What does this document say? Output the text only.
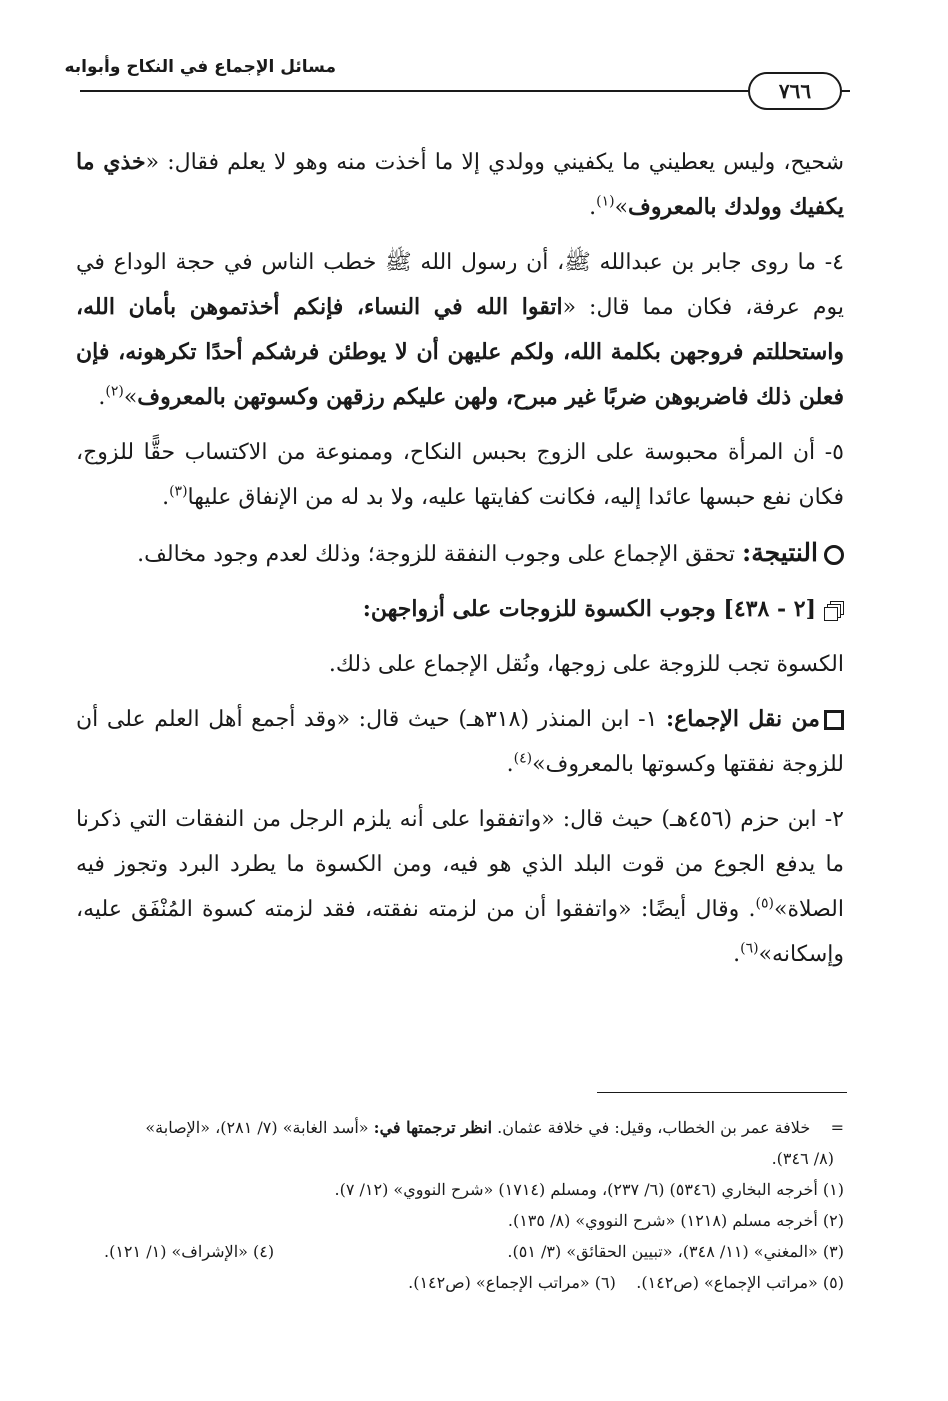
مسائل الإجماع في النكاح وأبوابه
٧٦٦

شحيح، وليس يعطيني ما يكفيني وولدي إلا ما أخذت منه وهو لا يعلم فقال: «خذي ما يكفيك وولدك بالمعروف»$^{(١)}$.

٤- ما روى جابر بن عبدالله ﷺ، أن رسول الله ﷺ خطب الناس في حجة الوداع في يوم عرفة، فكان مما قال: «اتقوا الله في النساء، فإنكم أخذتموهن بأمان الله، واستحللتم فروجهن بكلمة الله، ولكم عليهن أن لا يوطئن فرشكم أحدًا تكرهونه، فإن فعلن ذلك فاضربوهن ضربًا غير مبرح، ولهن عليكم رزقهن وكسوتهن بالمعروف»$^{(٢)}$.

٥- أن المرأة محبوسة على الزوج بحبس النكاح، وممنوعة من الاكتساب حقًّا للزوج، فكان نفع حبسها عائدا إليه، فكانت كفايتها عليه، ولا بد له من الإنفاق عليها$^{(٣)}$.

النتيجة: تحقق الإجماع على وجوب النفقة للزوجة؛ وذلك لعدم وجود مخالف.

[٢ - ٤٣٨] وجوب الكسوة للزوجات على أزواجهن:

الكسوة تجب للزوجة على زوجها، ونُقل الإجماع على ذلك.

من نقل الإجماع: ١- ابن المنذر (٣١٨هـ) حيث قال: «وقد أجمع أهل العلم على أن للزوجة نفقتها وكسوتها بالمعروف»$^{(٤)}$.

٢- ابن حزم (٤٥٦هـ) حيث قال: «واتفقوا على أنه يلزم الرجل من النفقات التي ذكرنا ما يدفع الجوع من قوت البلد الذي هو فيه، ومن الكسوة ما يطرد البرد وتجوز فيه الصلاة»$^{(٥)}$. وقال أيضًا: «واتفقوا أن من لزمته نفقته، فقد لزمته كسوة المُنْفَق عليه، وإسكانه»$^{(٦)}$.

=    خلافة عمر بن الخطاب، وقيل: في خلافة عثمان. انظر ترجمتها في: «أسد الغابة» (٧/ ٢٨١)، «الإصابة»

(٨/ ٣٤٦).

(١) أخرجه البخاري (٥٣٤٦) (٦/ ٢٣٧)، ومسلم (١٧١٤) «شرح النووي» (١٢/ ٧).

(٢) أخرجه مسلم (١٢١٨) «شرح النووي» (٨/ ١٣٥).

(٣) «المغني» (١١/ ٣٤٨)، «تبيين الحقائق» (٣/ ٥١).
(٤) «الإشراف» (١/ ١٢١).

(٥) «مراتب الإجماع» (ص١٤٢).    (٦) «مراتب الإجماع» (ص١٤٢).
